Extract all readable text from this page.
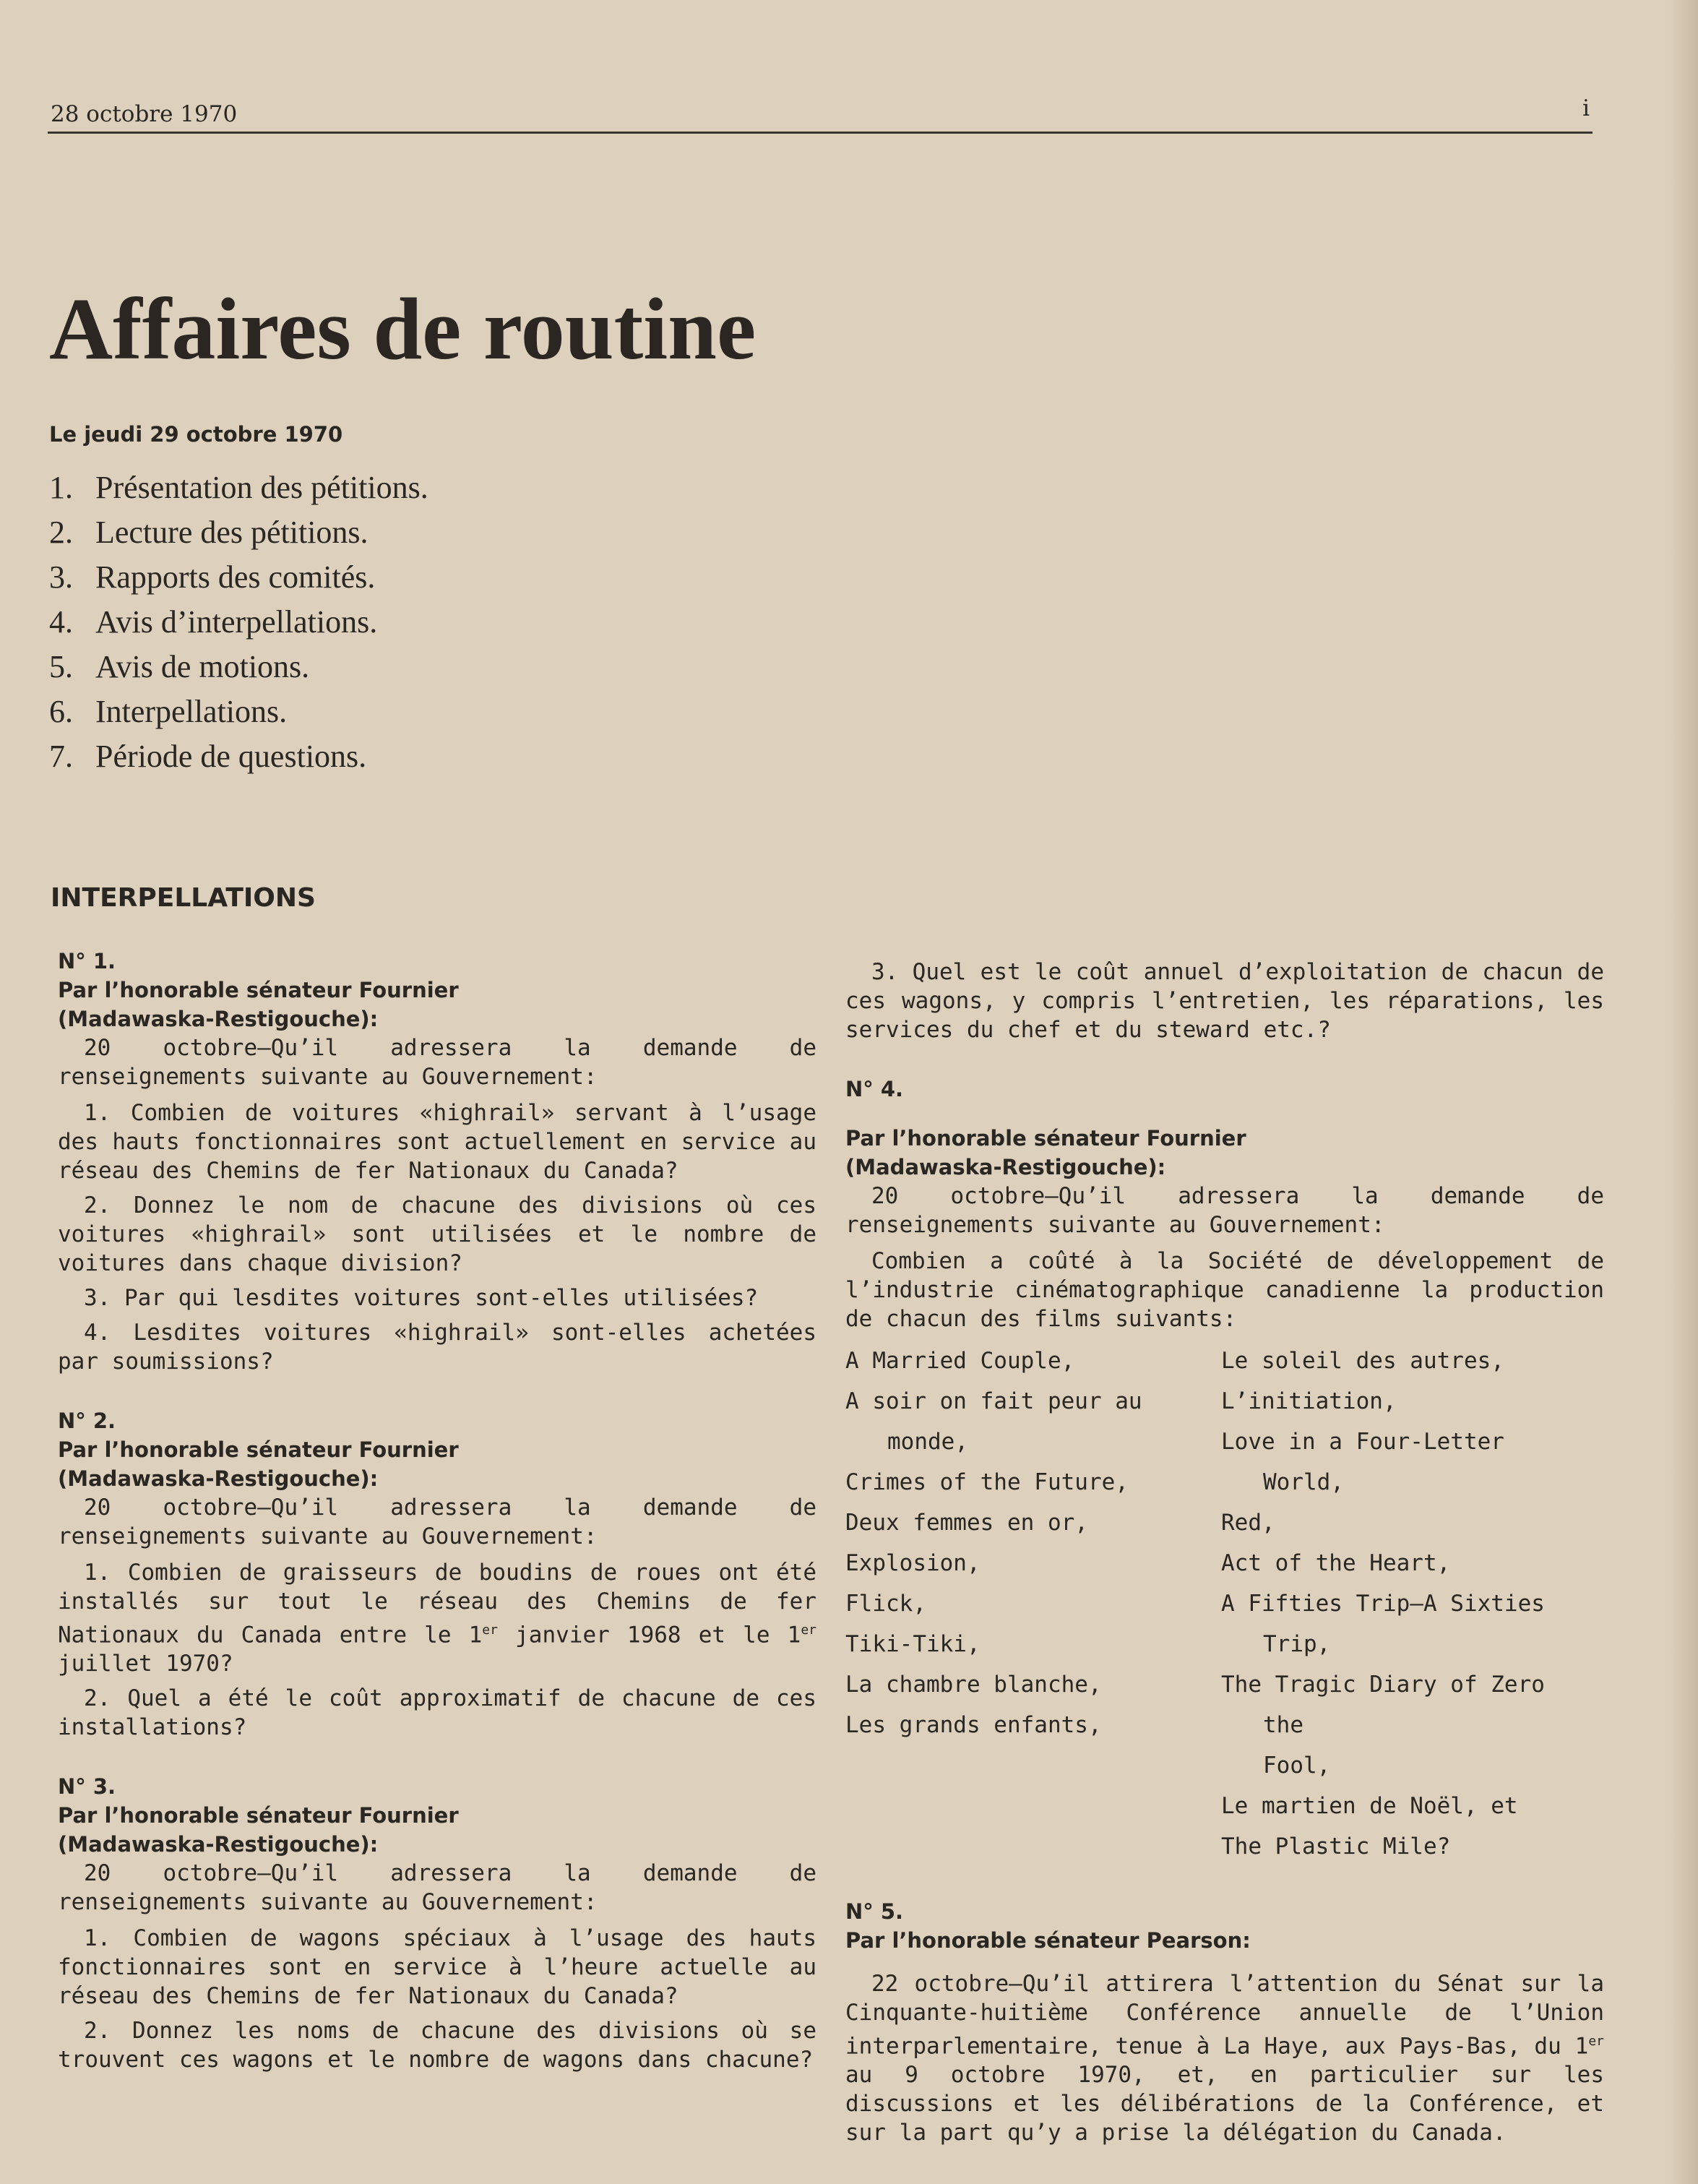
28 octobre 1970	i
Affaires de routine
Le jeudi 29 octobre 1970
1. Présentation des pétitions.
2. Lecture des pétitions.
3. Rapports des comités.
4. Avis d’interpellations.
5. Avis de motions.
6. Interpellations.
7. Période de questions.
INTERPELLATIONS

N° 1.

Par l’honorable sénateur Fournier

(Madawaska-Restigouche):

20 octobre—Qu’il adressera la demande de renseignements suivante au Gouvernement:

1. Combien de voitures «highrail» servant à l’usage des hauts fonctionnaires sont actuellement en service au réseau des Chemins de fer Nationaux du Canada?

2. Donnez le nom de chacune des divisions où ces voitures «highrail» sont utilisées et le nombre de voitures dans chaque division?

3. Par qui lesdites voitures sont-elles utilisées?

4. Lesdites voitures «highrail» sont-elles achetées par soumissions?

N° 2.

Par l’honorable sénateur Fournier

(Madawaska-Restigouche):

20 octobre—Qu’il adressera la demande de renseignements suivante au Gouvernement:

1. Combien de graisseurs de boudins de roues ont été installés sur tout le réseau des Chemins de fer Nationaux du Canada entre le 1er janvier 1968 et le 1er juillet 1970?

2. Quel a été le coût approximatif de chacune de ces installations?

N° 3.

Par l’honorable sénateur Fournier

(Madawaska-Restigouche):

20 octobre—Qu’il adressera la demande de renseignements suivante au Gouvernement:

1. Combien de wagons spéciaux à l’usage des hauts fonctionnaires sont en service à l’heure actuelle au réseau des Chemins de fer Nationaux du Canada?

2. Donnez les noms de chacune des divisions où se trouvent ces wagons et le nombre de wagons dans chacune?

3. Quel est le coût annuel d’exploitation de chacun de ces wagons, y compris l’entretien, les réparations, les services du chef et du steward etc.?

N° 4.

Par l’honorable sénateur Fournier

(Madawaska-Restigouche):

20 octobre—Qu’il adressera la demande de renseignements suivante au Gouvernement:

Combien a coûté à la Société de développement de l’industrie cinématographique canadienne la production de chacun des films suivants:

A Married Couple,
A soir on fait peur au
monde,
Crimes of the Future,
Deux femmes en or,
Explosion,
Flick,
Tiki-Tiki,
La chambre blanche,
Les grands enfants,
Le soleil des autres,
L’initiation,
Love in a Four-Letter World,
Red,
Act of the Heart,
A Fifties Trip—A Sixties
Trip,
The Tragic Diary of Zero the
Fool,
Le martien de Noël, et
The Plastic Mile?

N° 5.

Par l’honorable sénateur Pearson:

22 octobre—Qu’il attirera l’attention du Sénat sur la Cinquante-huitième Conférence annuelle de l’Union interparlementaire, tenue à La Haye, aux Pays-Bas, du 1er au 9 octobre 1970, et, en particulier sur les discussions et les délibérations de la Conférence, et sur la part qu’y a prise la délégation du Canada.
